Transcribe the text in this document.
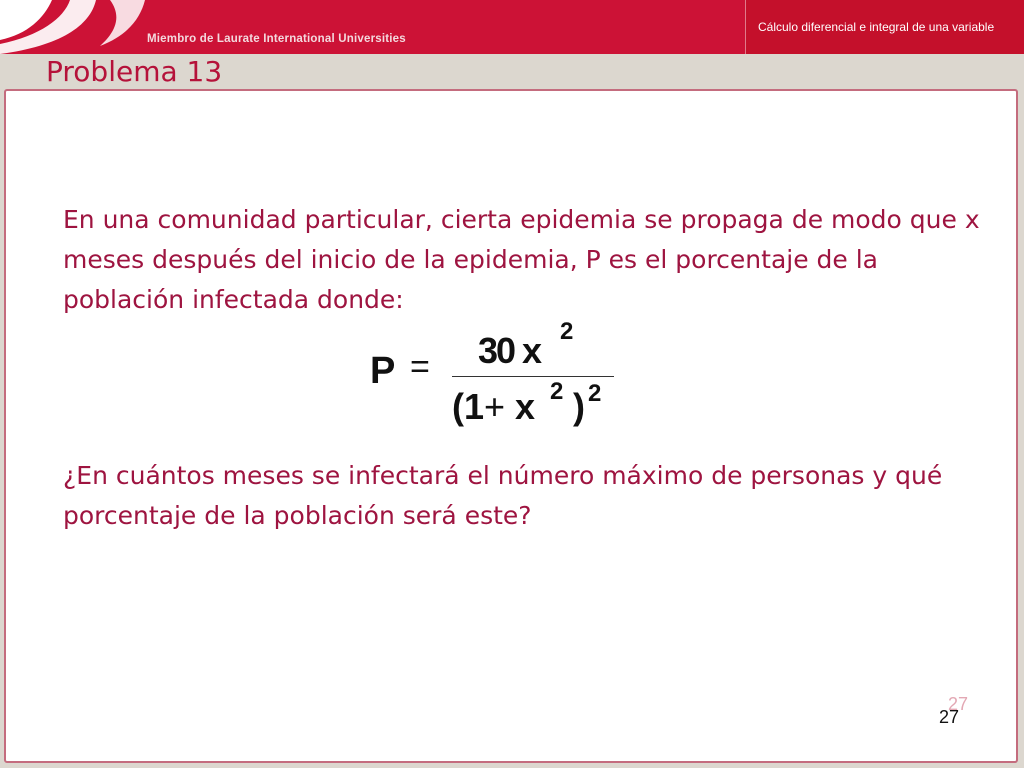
Miembro de Laurate International Universities
Cálculo diferencial e integral de una variable
Problema 13

En una comunidad particular, cierta epidemia se propaga de modo que x meses después del inicio de la epidemia, P es el porcentaje de la población infectada donde:

P = 30 x 2
(1+ x 2 ) 2

¿En cuántos meses se infectará el número máximo de personas y qué porcentaje de la población será este?

27
27
